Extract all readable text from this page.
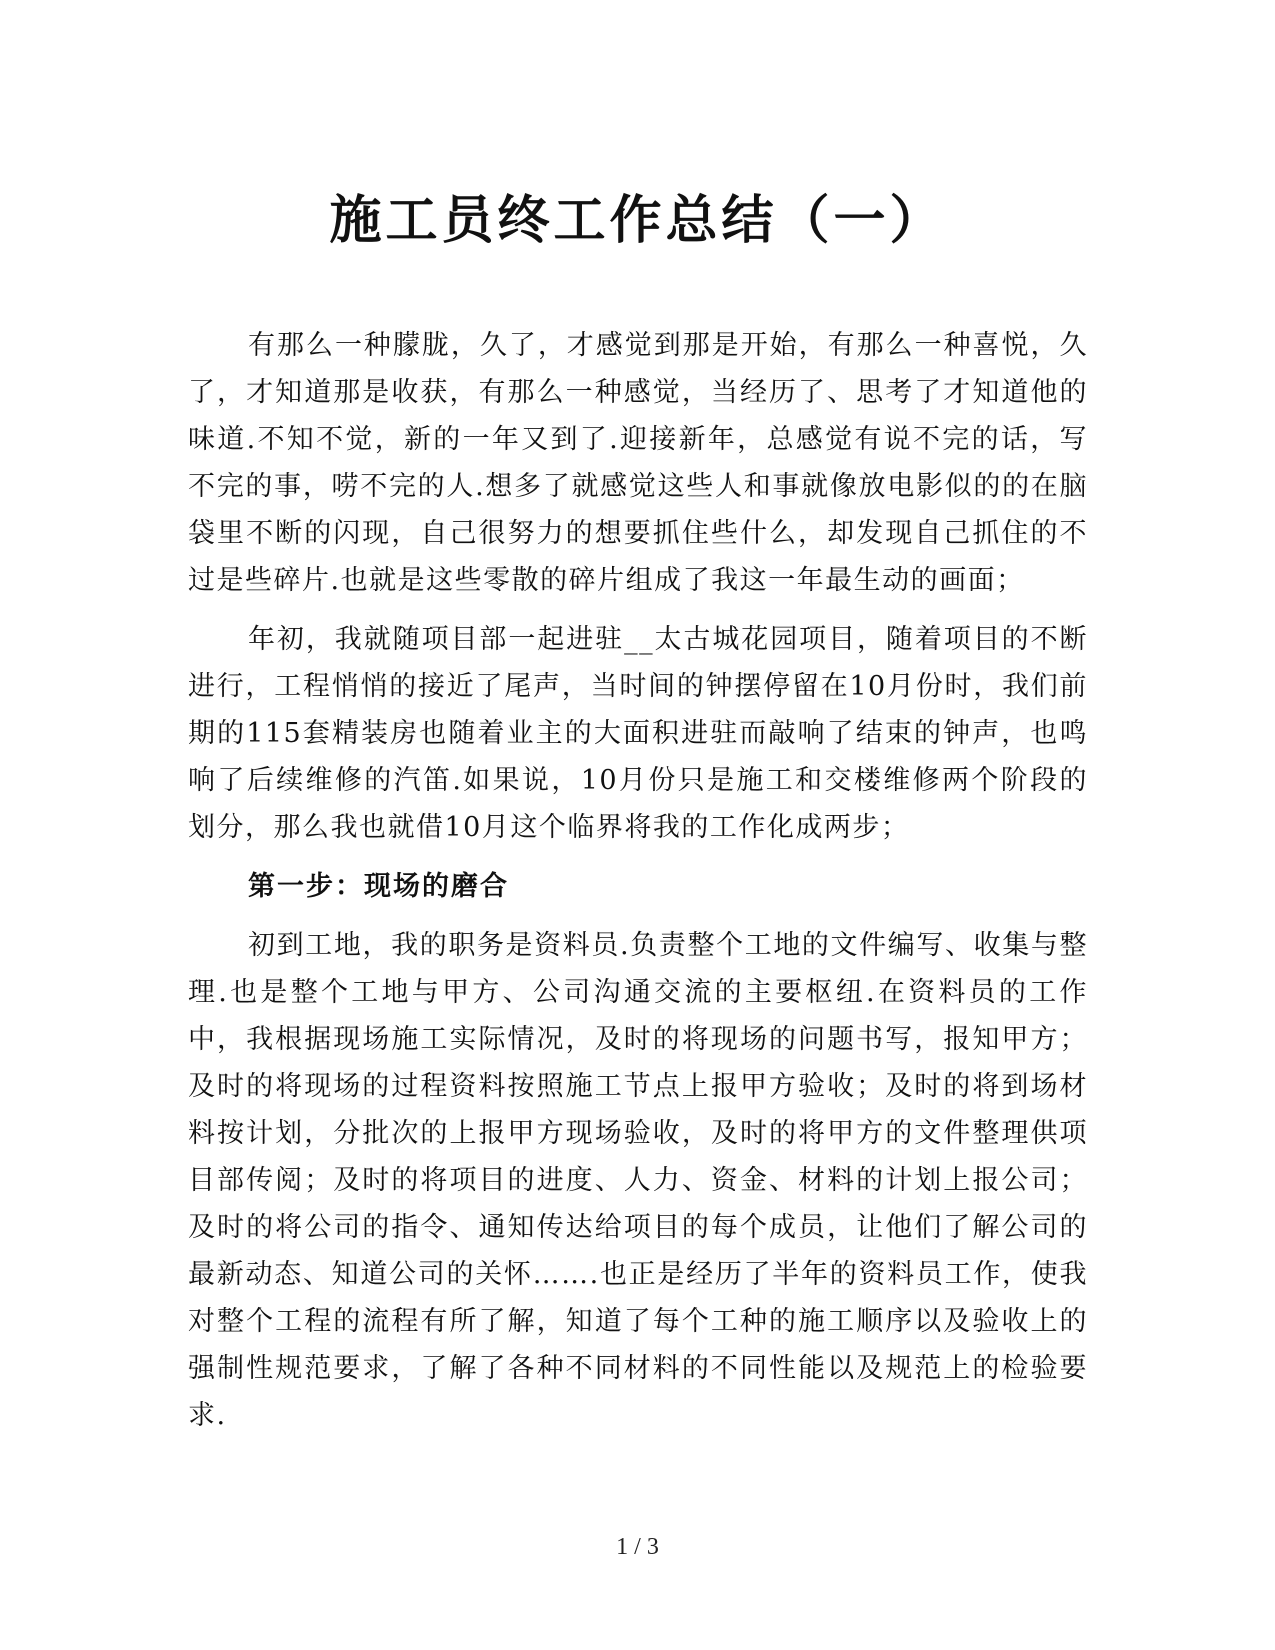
施工员终工作总结（一）

有那么一种朦胧，久了，才感觉到那是开始，有那么一种喜悦，久了，才知道那是收获，有那么一种感觉，当经历了、思考了才知道他的味道.不知不觉，新的一年又到了.迎接新年，总感觉有说不完的话，写不完的事，唠不完的人.想多了就感觉这些人和事就像放电影似的的在脑袋里不断的闪现，自己很努力的想要抓住些什么，却发现自己抓住的不过是些碎片.也就是这些零散的碎片组成了我这一年最生动的画面；

年初，我就随项目部一起进驻__太古城花园项目，随着项目的不断进行，工程悄悄的接近了尾声，当时间的钟摆停留在10月份时，我们前期的115套精装房也随着业主的大面积进驻而敲响了结束的钟声，也鸣响了后续维修的汽笛.如果说，10月份只是施工和交楼维修两个阶段的划分，那么我也就借10月这个临界将我的工作化成两步；

第一步：现场的磨合

初到工地，我的职务是资料员.负责整个工地的文件编写、收集与整理.也是整个工地与甲方、公司沟通交流的主要枢纽.在资料员的工作中，我根据现场施工实际情况，及时的将现场的问题书写，报知甲方；及时的将现场的过程资料按照施工节点上报甲方验收；及时的将到场材料按计划，分批次的上报甲方现场验收，及时的将甲方的文件整理供项目部传阅；及时的将项目的进度、人力、资金、材料的计划上报公司；及时的将公司的指令、通知传达给项目的每个成员，让他们了解公司的最新动态、知道公司的关怀…….也正是经历了半年的资料员工作，使我对整个工程的流程有所了解，知道了每个工种的施工顺序以及验收上的强制性规范要求，了解了各种不同材料的不同性能以及规范上的检验要求.

1 / 3
